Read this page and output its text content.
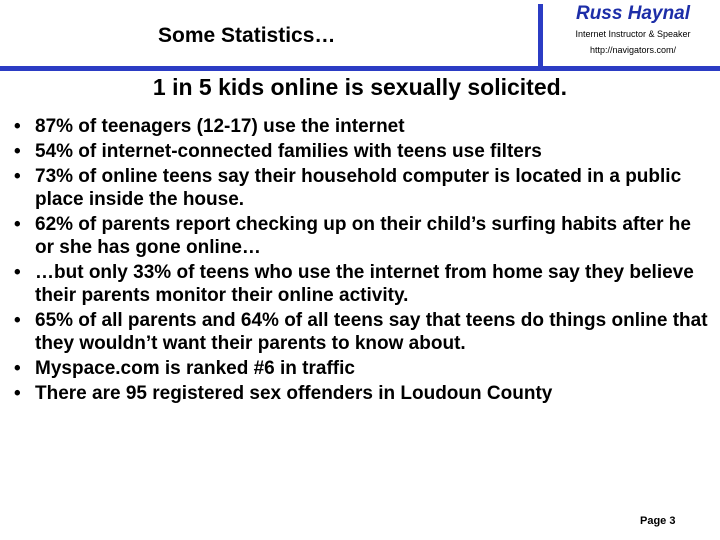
Some Statistics…
Russ Haynal
Internet Instructor & Speaker
http://navigators.com/
1 in 5 kids online is sexually solicited.
• 87% of teenagers (12-17) use the internet
• 54% of internet-connected families with teens use filters
• 73% of online teens say their household computer is located in a public place inside the house.
• 62% of parents report checking up on their child’s surfing habits after he or she has gone online…
• …but only 33% of teens who use the internet from home say they believe their parents monitor their online activity.
• 65% of all parents and 64% of all teens say that teens do things online that they wouldn’t want their parents to know about.
• Myspace.com is ranked #6 in traffic
• There are 95 registered sex offenders in Loudoun County
Page 3
